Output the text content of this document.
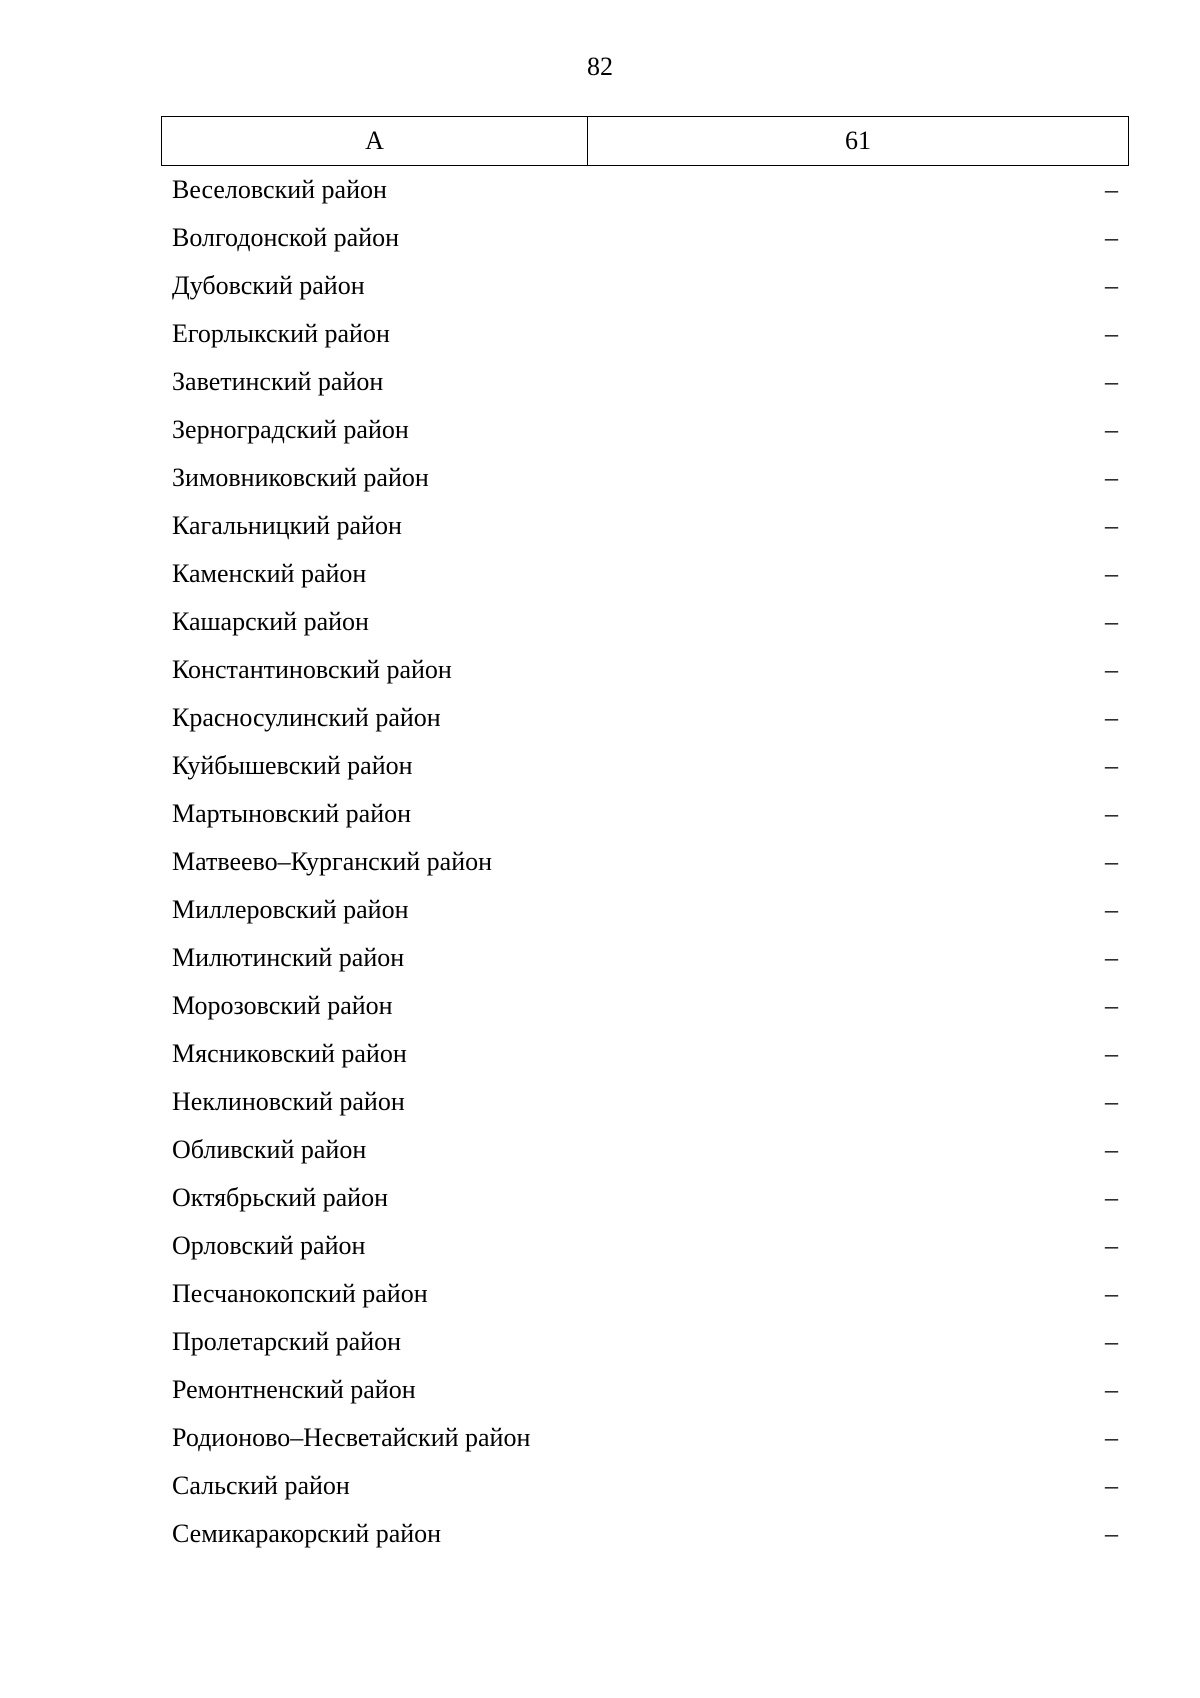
82
А	61
Веселовский район	–
Волгодонской район	–
Дубовский район	–
Егорлыкский район	–
Заветинский район	–
Зерноградский район	–
Зимовниковский район	–
Кагальницкий район	–
Каменский район	–
Кашарский район	–
Константиновский район	–
Красносулинский район	–
Куйбышевский район	–
Мартыновский район	–
Матвеево–Курганский район	–
Миллеровский район	–
Милютинский район	–
Морозовский район	–
Мясниковский район	–
Неклиновский район	–
Обливский район	–
Октябрьский район	–
Орловский район	–
Песчанокопский район	–
Пролетарский район	–
Ремонтненский район	–
Родионово–Несветайский район	–
Сальский район	–
Семикаракорский район	–
